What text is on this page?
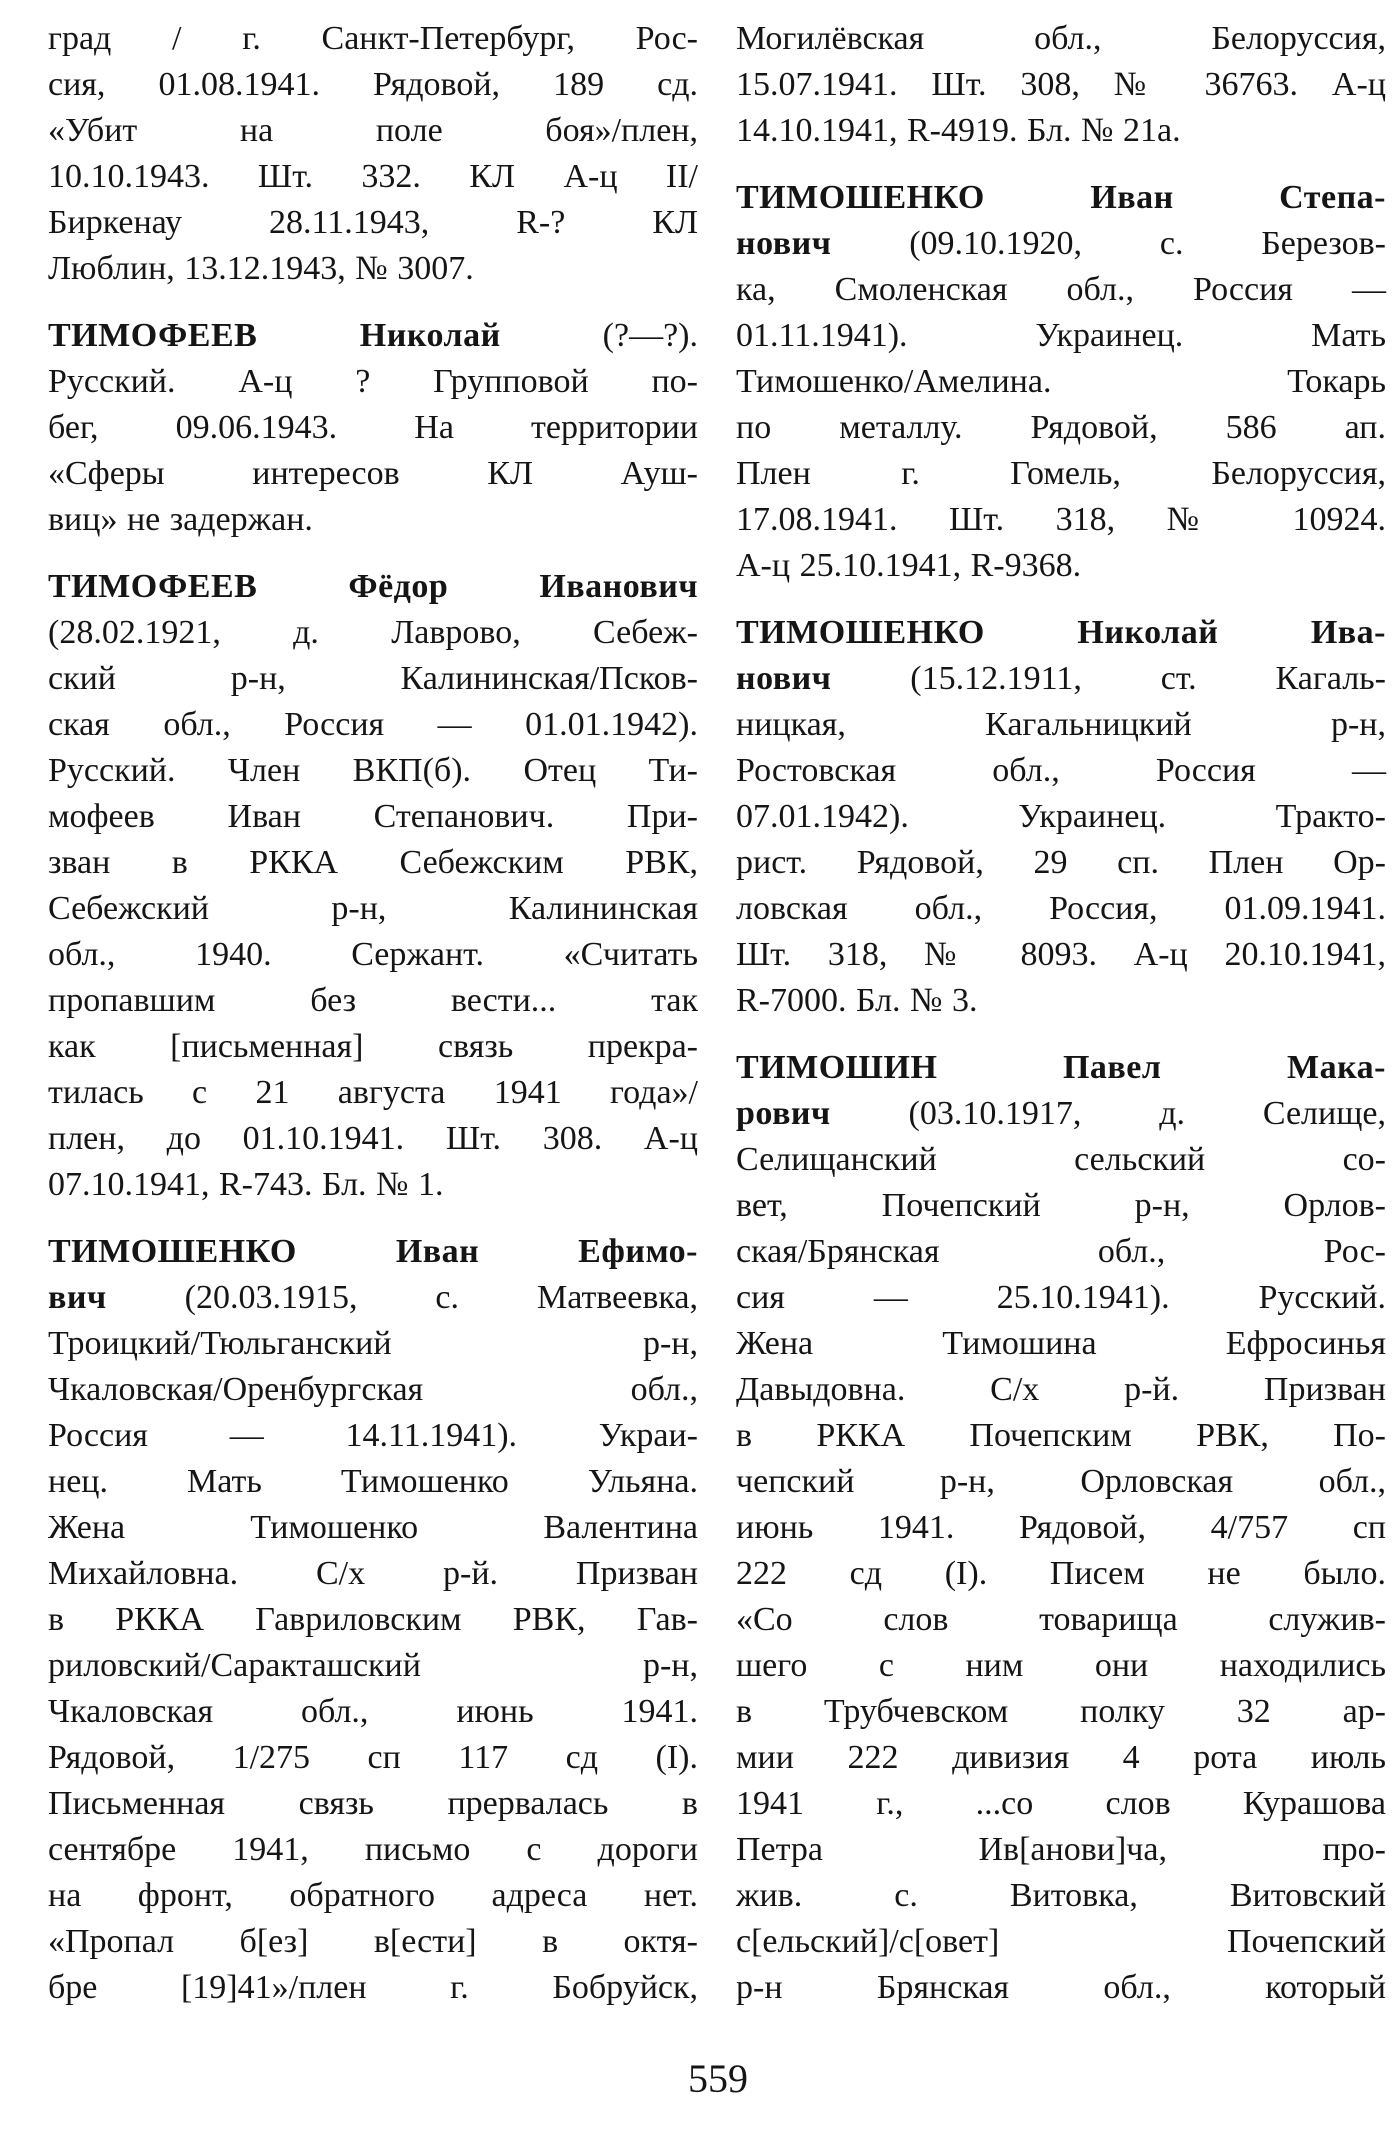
град / г. Санкт-Петербург, Рос-
сия, 01.08.1941. Рядовой, 189 сд.
«Убит на поле боя»/плен,
10.10.1943. Шт. 332. КЛ А-ц II/
Биркенау 28.11.1943, R-? КЛ
Люблин, 13.12.1943, № 3007.
ТИМОФЕЕВ Николай (?—?).
Русский. А-ц ? Групповой по-
бег, 09.06.1943. На территории
«Сферы интересов КЛ Ауш-
виц» не задержан.
ТИМОФЕЕВ Фёдор Иванович
(28.02.1921, д. Лаврово, Себеж-
ский р-н, Калининская/Псков-
ская обл., Россия — 01.01.1942).
Русский. Член ВКП(б). Отец Ти-
мофеев Иван Степанович. При-
зван в РККА Себежским РВК,
Себежский р-н, Калининская
обл., 1940. Сержант. «Считать
пропавшим без вести... так
как [письменная] связь прекра-
тилась с 21 августа 1941 года»/
плен, до 01.10.1941. Шт. 308. А-ц
07.10.1941, R-743. Бл. № 1.
ТИМОШЕНКО Иван Ефимо-
вич (20.03.1915, с. Матвеевка,
Троицкий/Тюльганский р-н,
Чкаловская/Оренбургская обл.,
Россия — 14.11.1941). Украи-
нец. Мать Тимошенко Ульяна.
Жена Тимошенко Валентина
Михайловна. С/х р-й. Призван
в РККА Гавриловским РВК, Гав-
риловский/Саракташский р-н,
Чкаловская обл., июнь 1941.
Рядовой, 1/275 сп 117 сд (I).
Письменная связь прервалась в
сентябре 1941, письмо с дороги
на фронт, обратного адреса нет.
«Пропал б[ез] в[ести] в октя-
бре [19]41»/плен г. Бобруйск,
Могилёвская обл., Белоруссия,
15.07.1941. Шт. 308, № 36763. А-ц
14.10.1941, R-4919. Бл. № 21а.
ТИМОШЕНКО Иван Степа-
нович (09.10.1920, с. Березов-
ка, Смоленская обл., Россия —
01.11.1941). Украинец. Мать
Тимошенко/Амелина. Токарь
по металлу. Рядовой, 586 ап.
Плен г. Гомель, Белоруссия,
17.08.1941. Шт. 318, № 10924.
А-ц 25.10.1941, R-9368.
ТИМОШЕНКО Николай Ива-
нович (15.12.1911, ст. Кагаль-
ницкая, Кагальницкий р-н,
Ростовская обл., Россия —
07.01.1942). Украинец. Тракто-
рист. Рядовой, 29 сп. Плен Ор-
ловская обл., Россия, 01.09.1941.
Шт. 318, № 8093. А-ц 20.10.1941,
R-7000. Бл. № 3.
ТИМОШИН Павел Мака-
рович (03.10.1917, д. Селище,
Селищанский сельский со-
вет, Почепский р-н, Орлов-
ская/Брянская обл., Рос-
сия — 25.10.1941). Русский.
Жена Тимошина Ефросинья
Давыдовна. С/х р-й. Призван
в РККА Почепским РВК, По-
чепский р-н, Орловская обл.,
июнь 1941. Рядовой, 4/757 сп
222 сд (I). Писем не было.
«Со слов товарища служив-
шего с ним они находились
в Трубчевском полку 32 ар-
мии 222 дивизия 4 рота июль
1941 г., ...со слов Курашова
Петра Ив[анови]ча, про-
жив. с. Витовка, Витовский
с[ельский]/с[овет] Почепский
р-н Брянская обл., который
559
